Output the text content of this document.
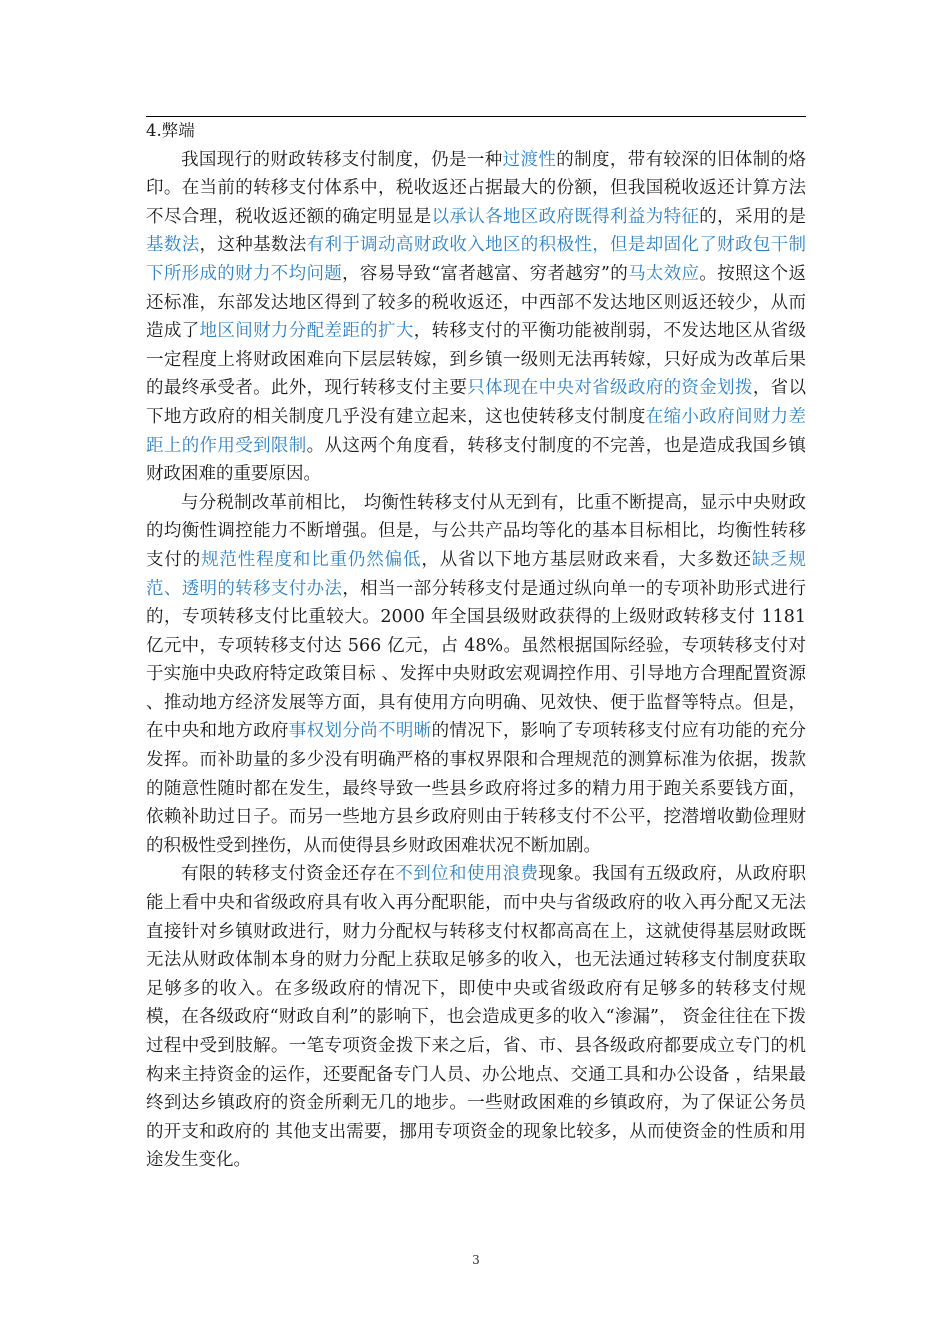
4.弊端

我国现行的财政转移支付制度，仍是一种过渡性的制度，带有较深的旧体制的烙印。在当前的转移支付体系中，税收返还占据最大的份额，但我国税收返还计算方法不尽合理，税收返还额的确定明显是以承认各地区政府既得利益为特征的，采用的是基数法，这种基数法有利于调动高财政收入地区的积极性，但是却固化了财政包干制下所形成的财力不均问题，容易导致“富者越富、穷者越穷”的马太效应。按照这个返还标准，东部发达地区得到了较多的税收返还，中西部不发达地区则返还较少，从而造成了地区间财力分配差距的扩大，转移支付的平衡功能被削弱，不发达地区从省级一定程度上将财政困难向下层层转嫁，到乡镇一级则无法再转嫁，只好成为改革后果的最终承受者。此外，现行转移支付主要只体现在中央对省级政府的资金划拨，省以下地方政府的相关制度几乎没有建立起来，这也使转移支付制度在缩小政府间财力差距上的作用受到限制。从这两个角度看，转移支付制度的不完善，也是造成我国乡镇财政困难的重要原因。

与分税制改革前相比， 均衡性转移支付从无到有，比重不断提高，显示中央财政的均衡性调控能力不断增强。但是，与公共产品均等化的基本目标相比，均衡性转移支付的规范性程度和比重仍然偏低，从省以下地方基层财政来看，大多数还缺乏规范、透明的转移支付办法，相当一部分转移支付是通过纵向单一的专项补助形式进行的，专项转移支付比重较大。2000 年全国县级财政获得的上级财政转移支付 1181 亿元中，专项转移支付达 566 亿元，占 48%。虽然根据国际经验，专项转移支付对于实施中央政府特定政策目标 、发挥中央财政宏观调控作用、引导地方合理配置资源 、推动地方经济发展等方面，具有使用方向明确、见效快、便于监督等特点。但是，在中央和地方政府事权划分尚不明晰的情况下，影响了专项转移支付应有功能的充分发挥。而补助量的多少没有明确严格的事权界限和合理规范的测算标准为依据，拨款的随意性随时都在发生，最终导致一些县乡政府将过多的精力用于跑关系要钱方面，依赖补助过日子。而另一些地方县乡政府则由于转移支付不公平，挖潜增收勤俭理财的积极性受到挫伤，从而使得县乡财政困难状况不断加剧。

有限的转移支付资金还存在不到位和使用浪费现象。我国有五级政府，从政府职能上看中央和省级政府具有收入再分配职能，而中央与省级政府的收入再分配又无法直接针对乡镇财政进行，财力分配权与转移支付权都高高在上，这就使得基层财政既无法从财政体制本身的财力分配上获取足够多的收入，也无法通过转移支付制度获取足够多的收入。在多级政府的情况下，即使中央或省级政府有足够多的转移支付规模，在各级政府“财政自利”的影响下，也会造成更多的收入“渗漏”， 资金往往在下拨过程中受到肢解。一笔专项资金拨下来之后，省、市、县各级政府都要成立专门的机构来主持资金的运作，还要配备专门人员、办公地点、交通工具和办公设备 ，结果最终到达乡镇政府的资金所剩无几的地步。一些财政困难的乡镇政府，为了保证公务员的开支和政府的 其他支出需要，挪用专项资金的现象比较多，从而使资金的性质和用途发生变化。

3
